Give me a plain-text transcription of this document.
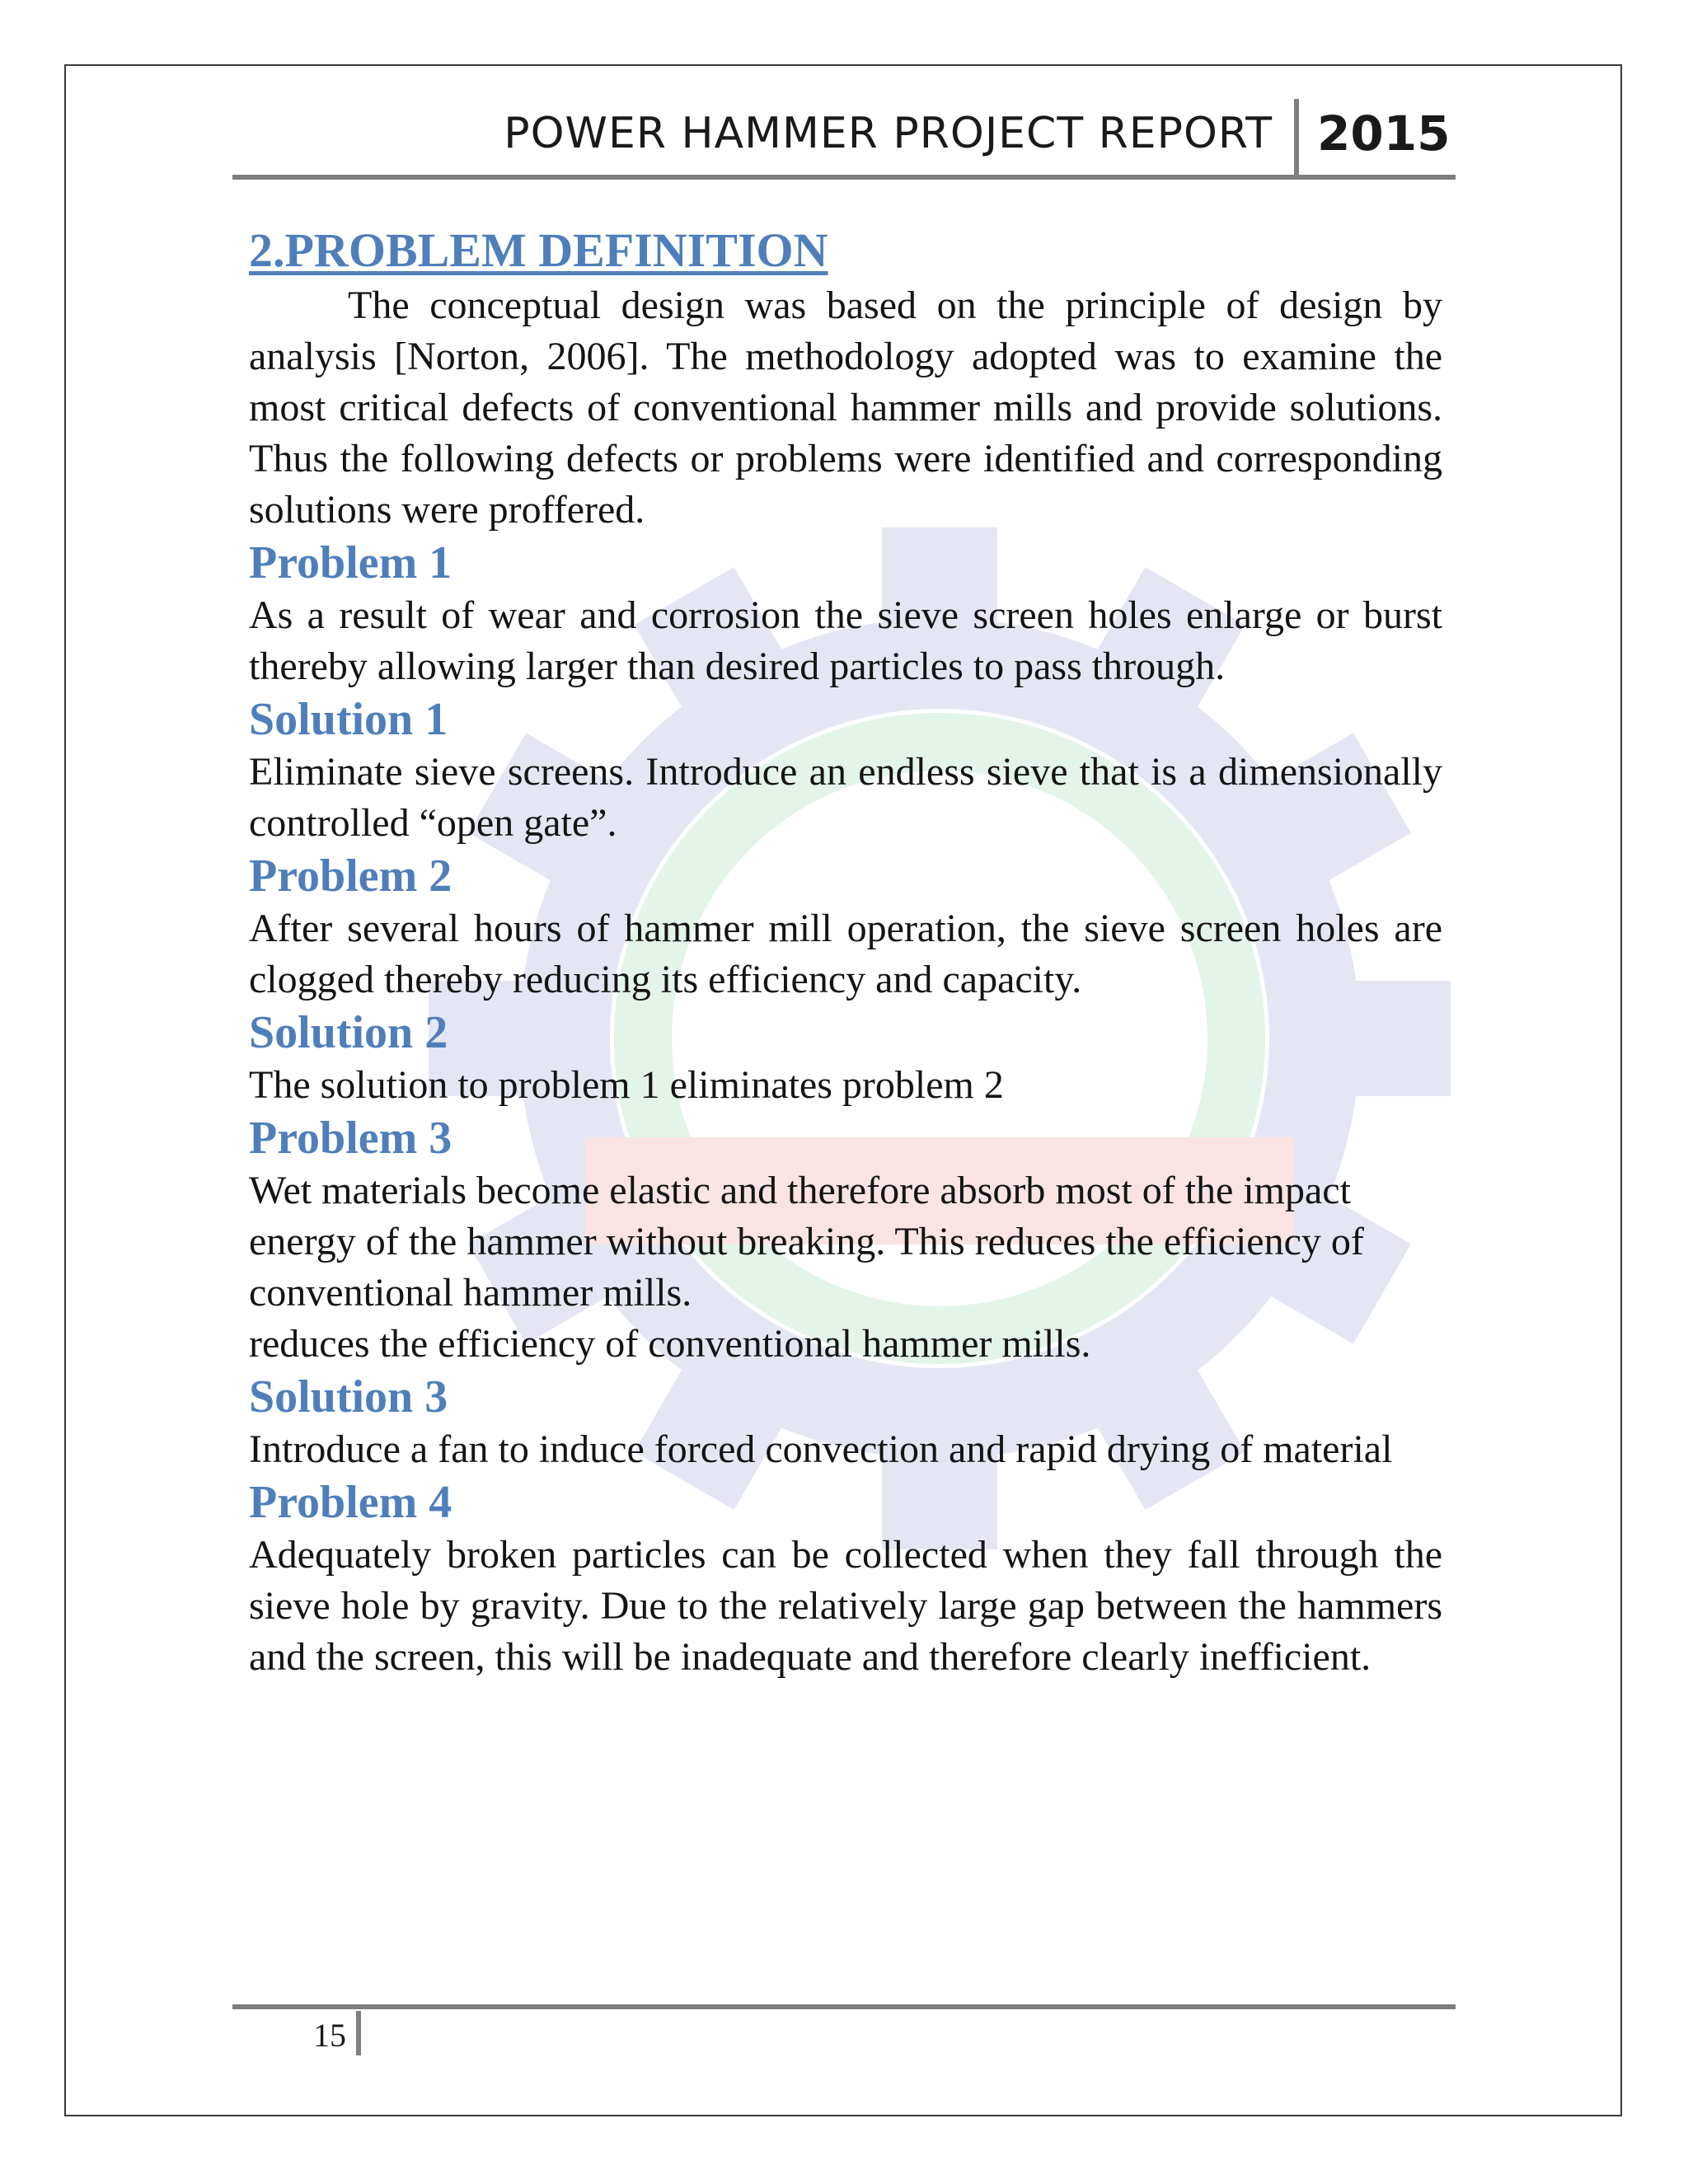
POWER HAMMER PROJECT REPORT 2015
2.PROBLEM DEFINITION

The conceptual design was based on the principle of design by analysis [Norton, 2006]. The methodology adopted was to examine the most critical defects of conventional hammer mills and provide solutions. Thus the following defects or problems were identified and corresponding solutions were proffered.

Problem 1

As a result of wear and corrosion the sieve screen holes enlarge or burst thereby allowing larger than desired particles to pass through.

Solution 1

Eliminate sieve screens. Introduce an endless sieve that is a dimensionally controlled “open gate”.

Problem 2

After several hours of hammer mill operation, the sieve screen holes are clogged thereby reducing its efficiency and capacity.

Solution 2

The solution to problem 1 eliminates problem 2

Problem 3

Wet materials become elastic and therefore absorb most of the impact energy of the hammer without breaking. This reduces the efficiency of conventional hammer mills.

reduces the efficiency of conventional hammer mills.

Solution 3

Introduce a fan to induce forced convection and rapid drying of material

Problem 4

Adequately broken particles can be collected when they fall through the sieve hole by gravity. Due to the relatively large gap between the hammers and the screen, this will be inadequate and therefore clearly inefficient.

15
